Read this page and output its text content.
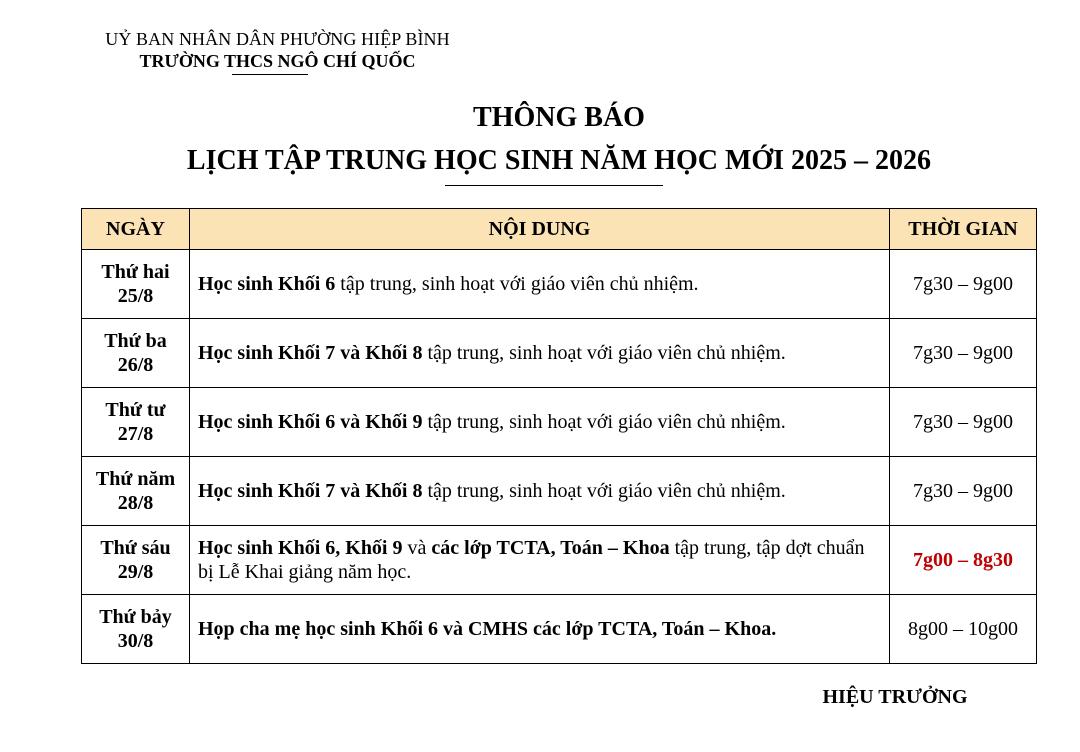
UỶ BAN NHÂN DÂN PHƯỜNG HIỆP BÌNH
TRƯỜNG THCS NGÔ CHÍ QUỐC
THÔNG BÁO
LỊCH TẬP TRUNG HỌC SINH NĂM HỌC MỚI 2025 – 2026
NGÀY	NỘI DUNG	THỜI GIAN

Thứ hai
25/8	Học sinh Khối 6 tập trung, sinh hoạt với giáo viên chủ nhiệm.	7g30 – 9g00

Thứ ba
26/8	Học sinh Khối 7 và Khối 8 tập trung, sinh hoạt với giáo viên chủ nhiệm.	7g30 – 9g00

Thứ tư
27/8	Học sinh Khối 6 và Khối 9 tập trung, sinh hoạt với giáo viên chủ nhiệm.	7g30 – 9g00

Thứ năm
28/8	Học sinh Khối 7 và Khối 8 tập trung, sinh hoạt với giáo viên chủ nhiệm.	7g30 – 9g00

Thứ sáu
29/8	Học sinh Khối 6, Khối 9 và các lớp TCTA, Toán – Khoa tập trung, tập dợt chuẩn bị Lễ Khai giảng năm học.	7g00 – 8g30

Thứ bảy
30/8	Họp cha mẹ học sinh Khối 6 và CMHS các lớp TCTA, Toán – Khoa.	8g00 – 10g00
HIỆU TRƯỞNG
